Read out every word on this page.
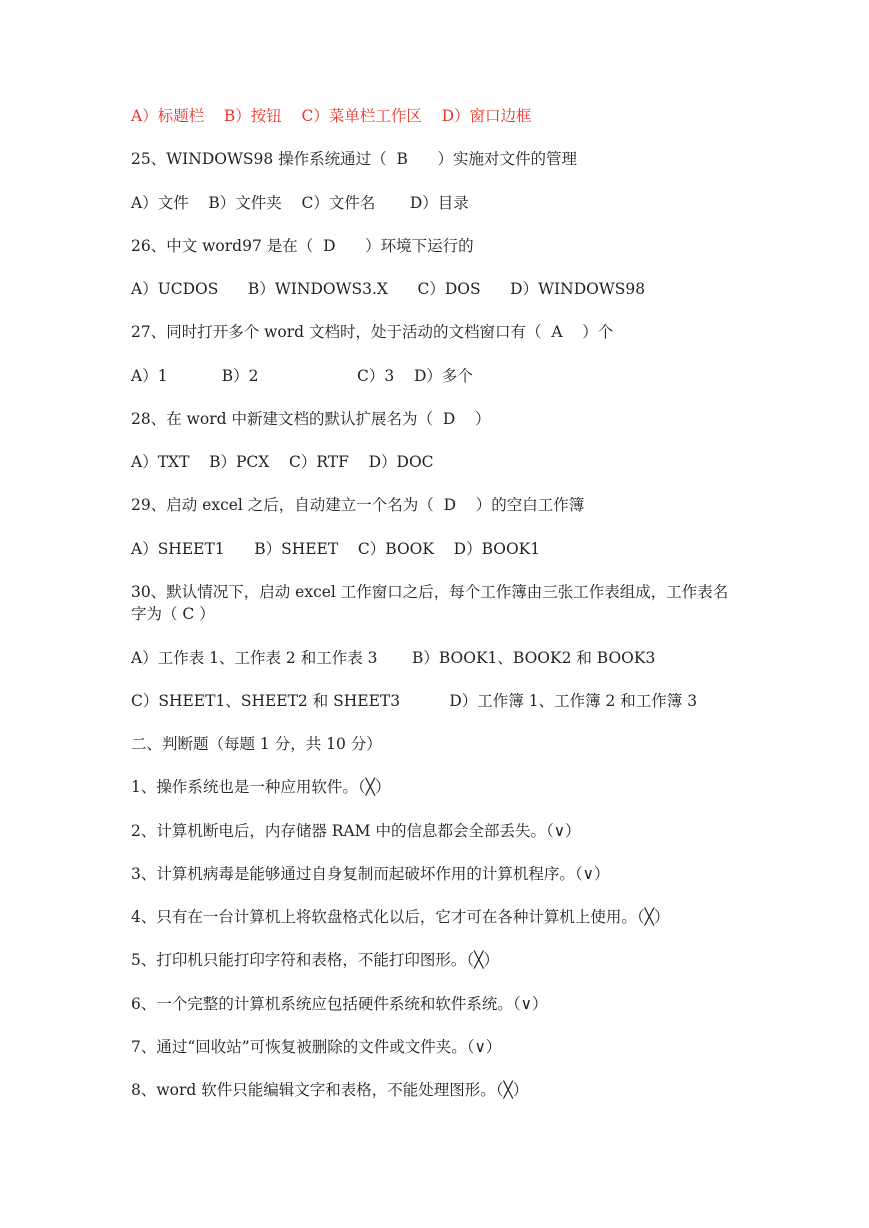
A）标题栏    B）按钮    C）菜单栏工作区    D）窗口边框
25、WINDOWS98 操作系统通过（  B      ）实施对文件的管理
A）文件    B）文件夹    C）文件名       D）目录
26、中文 word97 是在（  D      ）环境下运行的
A）UCDOS      B）WINDOWS3.X      C）DOS      D）WINDOWS98
27、同时打开多个 word 文档时，处于活动的文档窗口有（  A    ）个
A）1           B）2                    C）3    D）多个
28、在 word 中新建文档的默认扩展名为（  D    ）
A）TXT    B）PCX    C）RTF    D）DOC
29、启动 excel 之后，自动建立一个名为（  D    ）的空白工作簿
A）SHEET1      B）SHEET    C）BOOK    D）BOOK1
30、默认情况下，启动 excel 工作窗口之后，每个工作簿由三张工作表组成，工作表名字为（ C ）
A）工作表 1、工作表 2 和工作表 3       B）BOOK1、BOOK2 和 BOOK3
C）SHEET1、SHEET2 和 SHEET3          D）工作簿 1、工作簿 2 和工作簿 3
二、判断题（每题 1 分，共 10 分）
1、操作系统也是一种应用软件。（╳）
2、计算机断电后，内存储器 RAM 中的信息都会全部丢失。（∨）
3、计算机病毒是能够通过自身复制而起破坏作用的计算机程序。（∨）
4、只有在一台计算机上将软盘格式化以后，它才可在各种计算机上使用。（╳）
5、打印机只能打印字符和表格，不能打印图形。（╳）
6、一个完整的计算机系统应包括硬件系统和软件系统。（∨）
7、通过“回收站”可恢复被删除的文件或文件夹。（∨）
8、word 软件只能编辑文字和表格，不能处理图形。（╳）
